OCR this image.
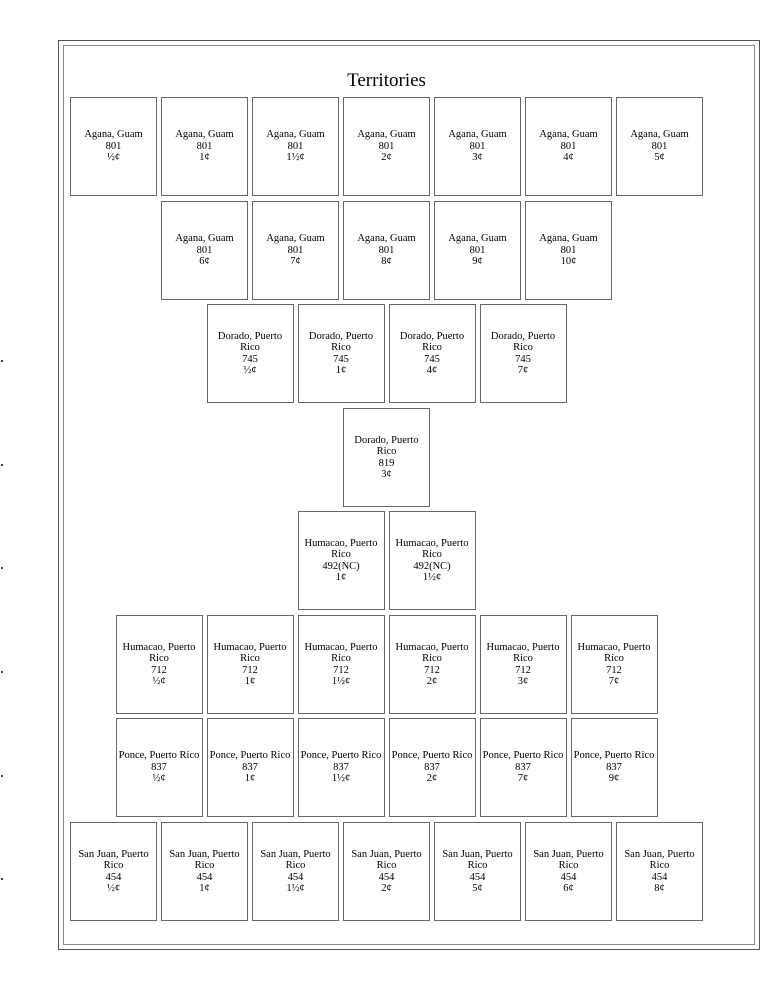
Territories
Agana, Guam
801
½¢
Agana, Guam
801
1¢
Agana, Guam
801
1½¢
Agana, Guam
801
2¢
Agana, Guam
801
3¢
Agana, Guam
801
4¢
Agana, Guam
801
5¢
Agana, Guam
801
6¢
Agana, Guam
801
7¢
Agana, Guam
801
8¢
Agana, Guam
801
9¢
Agana, Guam
801
10¢
Dorado, Puerto Rico
745
½¢
Dorado, Puerto Rico
745
1¢
Dorado, Puerto Rico
745
4¢
Dorado, Puerto Rico
745
7¢
Dorado, Puerto Rico
819
3¢
Humacao, Puerto Rico
492(NC)
1¢
Humacao, Puerto Rico
492(NC)
1½¢
Humacao, Puerto Rico
712
½¢
Humacao, Puerto Rico
712
1¢
Humacao, Puerto Rico
712
1½¢
Humacao, Puerto Rico
712
2¢
Humacao, Puerto Rico
712
3¢
Humacao, Puerto Rico
712
7¢
Ponce, Puerto Rico
837
½¢
Ponce, Puerto Rico
837
1¢
Ponce, Puerto Rico
837
1½¢
Ponce, Puerto Rico
837
2¢
Ponce, Puerto Rico
837
7¢
Ponce, Puerto Rico
837
9¢
San Juan, Puerto Rico
454
½¢
San Juan, Puerto Rico
454
1¢
San Juan, Puerto Rico
454
1½¢
San Juan, Puerto Rico
454
2¢
San Juan, Puerto Rico
454
5¢
San Juan, Puerto Rico
454
6¢
San Juan, Puerto Rico
454
8¢
